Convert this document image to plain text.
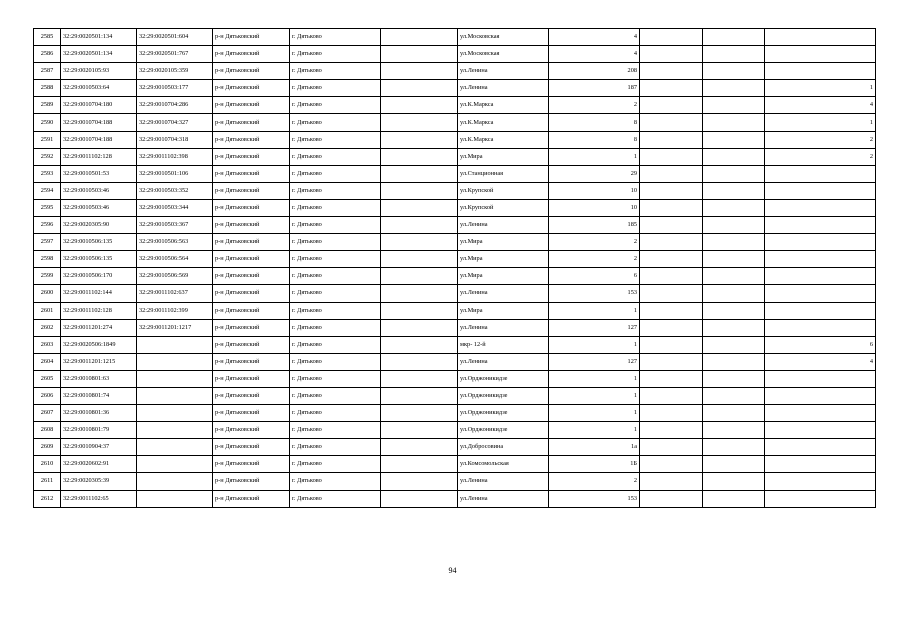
2585	32:29:0020501:134	32:29:0020501:604	р-н Дятьковский	г. Дятьково		ул.Московская	4			
2586	32:29:0020501:134	32:29:0020501:767	р-н Дятьковский	г. Дятьково		ул.Московская	4			
2587	32:29:0020105:93	32:29:0020105:359	р-н Дятьковский	г. Дятьково		ул.Ленина	208			
2588	32:29:0010503:64	32:29:0010503:177	р-н Дятьковский	г. Дятьково		ул.Ленина	187			1
2589	32:29:0010704:180	32:29:0010704:286	р-н Дятьковский	г. Дятьково		ул.К.Маркса	2			4
2590	32:29:0010704:188	32:29:0010704:327	р-н Дятьковский	г. Дятьково		ул.К.Маркса	8			1
2591	32:29:0010704:188	32:29:0010704:318	р-н Дятьковский	г. Дятьково		ул.К.Маркса	8			2
2592	32:29:0011102:128	32:29:0011102:398	р-н Дятьковский	г. Дятьково		ул.Мира	1			2
2593	32:29:0010501:53	32:29:0010501:106	р-н Дятьковский	г. Дятьково		ул.Станционная	29			
2594	32:29:0010503:46	32:29:0010503:352	р-н Дятьковский	г. Дятьково		ул.Крупской	10			
2595	32:29:0010503:46	32:29:0010503:344	р-н Дятьковский	г. Дятьково		ул.Крупской	10			
2596	32:29:0020305:90	32:29:0010503:367	р-н Дятьковский	г. Дятьково		ул.Ленина	185			
2597	32:29:0010506:135	32:29:0010506:563	р-н Дятьковский	г. Дятьково		ул.Мира	2			
2598	32:29:0010506:135	32:29:0010506:564	р-н Дятьковский	г. Дятьково		ул.Мира	2			
2599	32:29:0010506:170	32:29:0010506:569	р-н Дятьковский	г. Дятьково		ул.Мира	6			
2600	32:29:0011102:144	32:29:0011102:637	р-н Дятьковский	г. Дятьково		ул.Ленина	153			
2601	32:29:0011102:128	32:29:0011102:399	р-н Дятьковский	г. Дятьково		ул.Мира	1			
2602	32:29:0011201:274	32:29:0011201:1217	р-н Дятьковский	г. Дятьково		ул.Ленина	127			
2603	32:29:0020506:1849		р-н Дятьковский	г. Дятьково		мкр- 12-й	1			6
2604	32:29:0011201:1215		р-н Дятьковский	г. Дятьково		ул.Ленина	127			4
2605	32:29:0010801:63		р-н Дятьковский	г. Дятьково		ул.Орджоникидзе	1			
2606	32:29:0010801:74		р-н Дятьковский	г. Дятьково		ул.Орджоникидзе	1			
2607	32:29:0010801:36		р-н Дятьковский	г. Дятьково		ул.Орджоникидзе	1			
2608	32:29:0010801:79		р-н Дятьковский	г. Дятьково		ул.Орджоникидзе	1			
2609	32:29:0010904:37		р-н Дятьковский	г. Дятьково		ул.Добросовина	1а			
2610	32:29:0020602:91		р-н Дятьковский	г. Дятьково		ул.Комсомольская	1Б			
2611	32:29:0020305:39		р-н Дятьковский	г. Дятьково		ул.Ленина	2			
2612	32:29:0011102:65		р-н Дятьковский	г. Дятьково		ул.Ленина	153			
94
